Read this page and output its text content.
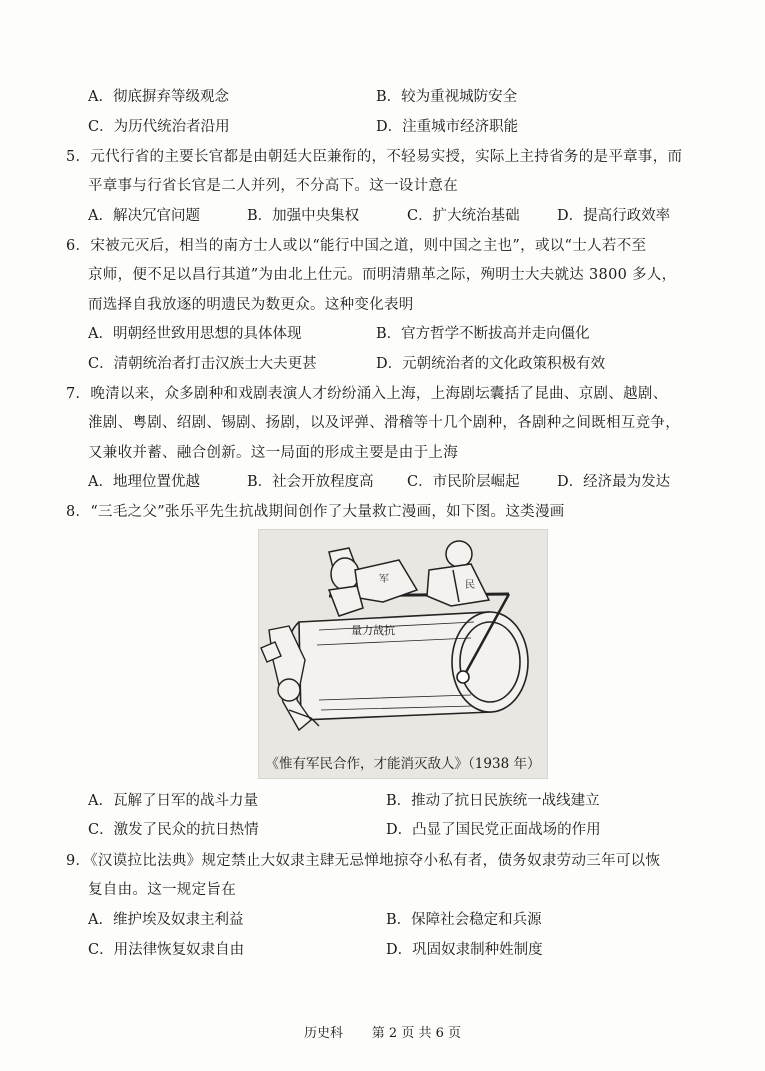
A．彻底摒弃等级观念	B．较为重视城防安全
C．为历代统治者沿用	D．注重城市经济职能
5．元代行省的主要长官都是由朝廷大臣兼衔的，不轻易实授，实际上主持省务的是平章事，而
平章事与行省长官是二人并列，不分高下。这一设计意在
A．解决冗官问题	B．加强中央集权	C．扩大统治基础	D．提高行政效率
6．宋被元灭后，相当的南方士人或以“能行中国之道，则中国之主也”，或以“士人若不至
京师，便不足以昌行其道”为由北上仕元。而明清鼎革之际，殉明士大夫就达 3800 多人，
而选择自我放逐的明遗民为数更众。这种变化表明
A．明朝经世致用思想的具体体现	B．官方哲学不断拔高并走向僵化
C．清朝统治者打击汉族士大夫更甚	D．元朝统治者的文化政策积极有效
7．晚清以来，众多剧种和戏剧表演人才纷纷涌入上海，上海剧坛囊括了昆曲、京剧、越剧、
淮剧、粤剧、绍剧、锡剧、扬剧，以及评弹、滑稽等十几个剧种，各剧种之间既相互竞争，
又兼收并蓄、融合创新。这一局面的形成主要是由于上海
A．地理位置优越	B．社会开放程度高 C．市民阶层崛起	D．经济最为发达
8．“三毛之父”张乐平先生抗战期间创作了大量救亡漫画，如下图。这类漫画
量力战抗
军
民
《惟有军民合作，才能消灭敌人》（1938 年）
A．瓦解了日军的战斗力量	B．推动了抗日民族统一战线建立
C．激发了民众的抗日热情	D．凸显了国民党正面战场的作用
9．《汉谟拉比法典》规定禁止大奴隶主肆无忌惮地掠夺小私有者，债务奴隶劳动三年可以恢
复自由。这一规定旨在
A．维护埃及奴隶主利益	B．保障社会稳定和兵源
C．用法律恢复奴隶自由	D．巩固奴隶制种姓制度
历史科 第 2 页 共 6 页
